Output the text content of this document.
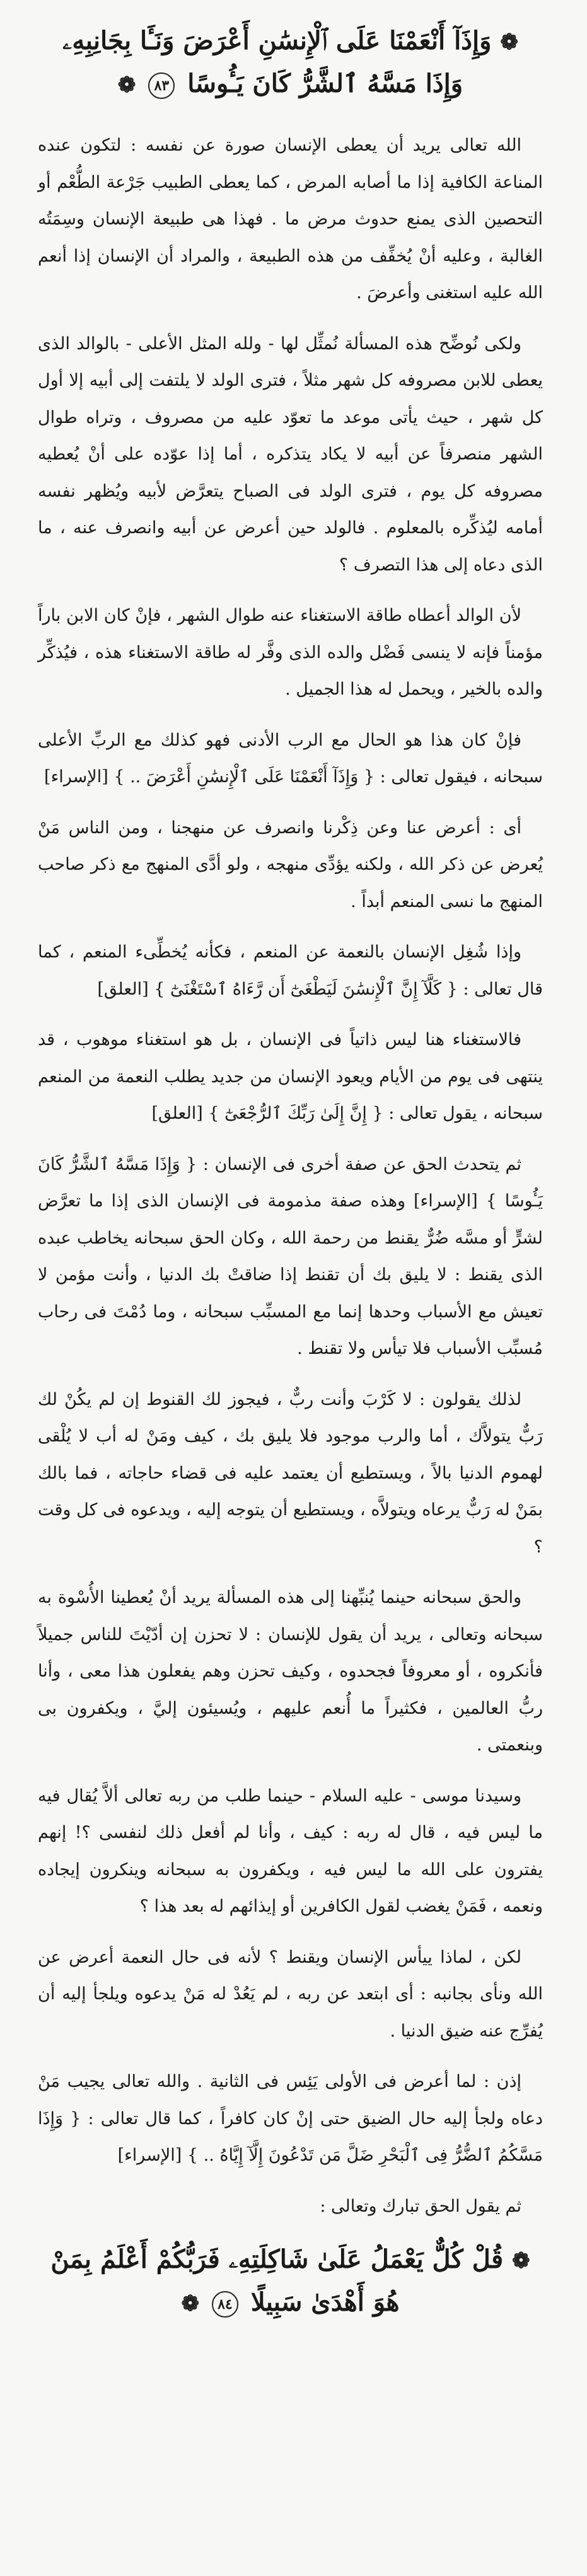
❁ وَإِذَآ أَنْعَمْنَا عَلَى ٱلْإِنسَٰنِ أَعْرَضَ وَنَـَٔا بِجَانِبِهِۦ
وَإِذَا مَسَّهُ ٱلشَّرُّ كَانَ يَـُٔوسًا ٨٣ ❁

الله تعالى يريد أن يعطى الإنسان صورة عن نفسه : لتكون عنده المناعة الكافية إذا ما أصابه المرض ، كما يعطى الطبيب جَرْعة الطُّعْم أو التحصين الذى يمنع حدوث مرض ما . فهذا هى طبيعة الإنسان وسِمَتُه الغالبة ، وعليه أنْ يُخفِّف من هذه الطبيعة ، والمراد أن الإنسان إذا أنعم الله عليه استغنى وأعرضَ .

ولكى نُوضِّح هذه المسألة نُمثِّل لها - ولله المثل الأعلى - بالوالد الذى يعطى للابن مصروفه كل شهر مثلاً ، فترى الولد لا يلتفت إلى أبيه إلا أول كل شهر ، حيث يأتى موعد ما تعوّد عليه من مصروف ، وتراه طوال الشهر منصرفاً عن أبيه لا يكاد يتذكره ، أما إذا عوّده على أنْ يُعطيه مصروفه كل يوم ، فترى الولد فى الصباح يتعرَّض لأبيه ويُظهر نفسه أمامه ليُذكِّره بالمعلوم . فالولد حين أعرض عن أبيه وانصرف عنه ، ما الذى دعاه إلى هذا التصرف ؟

لأن الوالد أعطاه طاقة الاستغناء عنه طوال الشهر ، فإنْ كان الابن باراً مؤمناً فإنه لا ينسى فَضْل والده الذى وفَّر له طاقة الاستغناء هذه ، فيُذكِّر والده بالخير ، ويحمل له هذا الجميل .

فإنْ كان هذا هو الحال مع الرب الأدنى فهو كذلك مع الربِّ الأعلى سبحانه ، فيقول تعالى : { وَإِذَآ أَنْعَمْنَا عَلَى ٱلْإِنسَٰنِ أَعْرَضَ .. } [الإسراء]

أى : أعرض عنا وعن ذِكْرنا وانصرف عن منهجنا ، ومن الناس مَنْ يُعرض عن ذكر الله ، ولكنه يؤدِّى منهجه ، ولو أدَّى المنهج مع ذكر صاحب المنهج ما نسى المنعم أبداً .

وإذا شُغِل الإنسان بالنعمة عن المنعم ، فكأنه يُخطِّىء المنعم ، كما قال تعالى : { كَلَّآ إِنَّ ٱلْإِنسَٰنَ لَيَطْغَىٰٓ أَن رَّءَاهُ ٱسْتَغْنَىٰٓ } [العلق]

فالاستغناء هنا ليس ذاتياً فى الإنسان ، بل هو استغناء موهوب ، قد ينتهى فى يوم من الأيام ويعود الإنسان من جديد يطلب النعمة من المنعم سبحانه ، يقول تعالى : { إِنَّ إِلَىٰ رَبِّكَ ٱلرُّجْعَىٰٓ } [العلق]

ثم يتحدث الحق عن صفة أخرى فى الإنسان : { وَإِذَا مَسَّهُ ٱلشَّرُّ كَانَ يَـُٔوسًا } [الإسراء] وهذه صفة مذمومة فى الإنسان الذى إذا ما تعرَّض لشرٍّ أو مسَّه ضُرٌّ يقنط من رحمة الله ، وكان الحق سبحانه يخاطب عبده الذى يقنط : لا يليق بك أن تقنط إذا ضاقتْ بك الدنيا ، وأنت مؤمن لا تعيش مع الأسباب وحدها إنما مع المسبِّب سبحانه ، وما دُمْتَ فى رحاب مُسبِّب الأسباب فلا تيأس ولا تقنط .

لذلك يقولون : لا كَرْبَ وأنت ربٌّ ، فيجوز لك القنوط إن لم يكُنْ لك رَبٌّ يتولاَّك ، أما والرب موجود فلا يليق بك ، كيف ومَنْ له أب لا يُلْقى لهموم الدنيا بالاً ، ويستطيع أن يعتمد عليه فى قضاء حاجاته ، فما بالك بمَنْ له رَبٌّ يرعاه ويتولاَّه ، ويستطيع أن يتوجه إليه ، ويدعوه فى كل وقت ؟

والحق سبحانه حينما يُنبِّهنا إلى هذه المسألة يريد أنْ يُعطينا الأُسْوة به سبحانه وتعالى ، يريد أن يقول للإنسان : لا تحزن إن أدّيْتَ للناس جميلاً فأنكروه ، أو معروفاً فجحدوه ، وكيف تحزن وهم يفعلون هذا معى ، وأنا ربُّ العالمين ، فكثيراً ما أُنعم عليهم ، ويُسيئون إليَّ ، ويكفرون بى وبنعمتى .

وسيدنا موسى - عليه السلام - حينما طلب من ربه تعالى ألاَّ يُقال فيه ما ليس فيه ، قال له ربه : كيف ، وأنا لم أفعل ذلك لنفسى ؟! إنهم يفترون على الله ما ليس فيه ، ويكفرون به سبحانه وينكرون إيجاده ونعمه ، فَمَنْ يغضب لقول الكافرين أو إيذائهم له بعد هذا ؟

لكن ، لماذا ييأس الإنسان ويقنط ؟ لأنه فى حال النعمة أعرض عن الله ونأى بجانبه : أى ابتعد عن ربه ، لم يَعُدْ له مَنْ يدعوه ويلجأ إليه أن يُفرِّج عنه ضيق الدنيا .

إذن : لما أعرض فى الأولى يَئِس فى الثانية . والله تعالى يجيب مَنْ دعاه ولجأ إليه حال الضيق حتى إنْ كان كافراً ، كما قال تعالى : { وَإِذَا مَسَّكُمُ ٱلضُّرُّ فِى ٱلْبَحْرِ ضَلَّ مَن تَدْعُونَ إِلَّآ إِيَّاهُ .. } [الإسراء]

ثم يقول الحق تبارك وتعالى :

❁ قُلْ كُلٌّ يَعْمَلُ عَلَىٰ شَاكِلَتِهِۦ فَرَبُّكُمْ أَعْلَمُ بِمَنْ
هُوَ أَهْدَىٰ سَبِيلًا ٨٤ ❁
